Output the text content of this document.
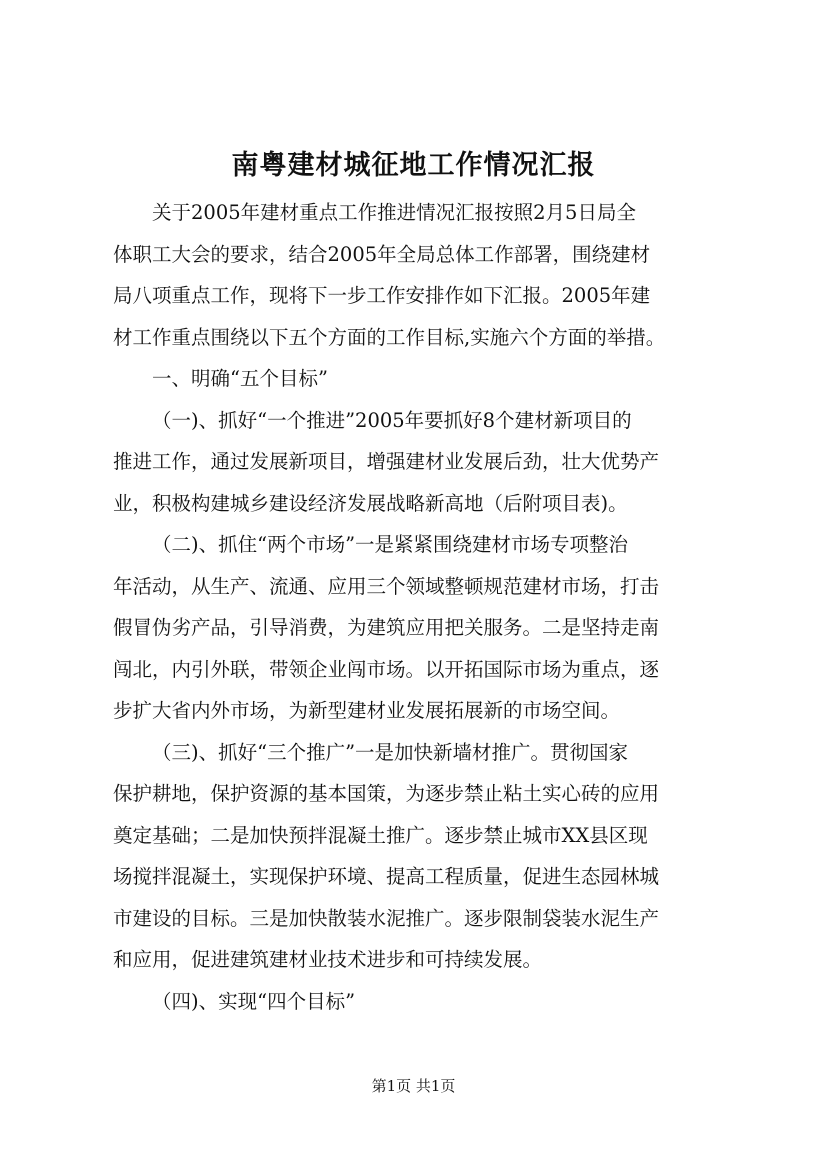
南粤建材城征地工作情况汇报
关于2005年建材重点工作推进情况汇报按照2月5日局全
体职工大会的要求，结合2005年全局总体工作部署，围绕建材
局八项重点工作，现将下一步工作安排作如下汇报。2005年建
材工作重点围绕以下五个方面的工作目标,实施六个方面的举措。
一、明确“五个目标”
（一)、抓好“一个推进”2005年要抓好8个建材新项目的
推进工作，通过发展新项目，增强建材业发展后劲，壮大优势产
业，积极构建城乡建设经济发展战略新高地（后附项目表)。
（二)、抓住“两个市场”一是紧紧围绕建材市场专项整治
年活动，从生产、流通、应用三个领域整顿规范建材市场，打击
假冒伪劣产品，引导消费，为建筑应用把关服务。二是坚持走南
闯北，内引外联，带领企业闯市场。以开拓国际市场为重点，逐
步扩大省内外市场，为新型建材业发展拓展新的市场空间。
（三)、抓好“三个推广”一是加快新墙材推广。贯彻国家
保护耕地，保护资源的基本国策，为逐步禁止粘土实心砖的应用
奠定基础；二是加快预拌混凝土推广。逐步禁止城市XX县区现
场搅拌混凝土，实现保护环境、提高工程质量，促进生态园林城
市建设的目标。三是加快散装水泥推广。逐步限制袋装水泥生产
和应用，促进建筑建材业技术进步和可持续发展。
（四)、实现“四个目标”
第1页 共1页
